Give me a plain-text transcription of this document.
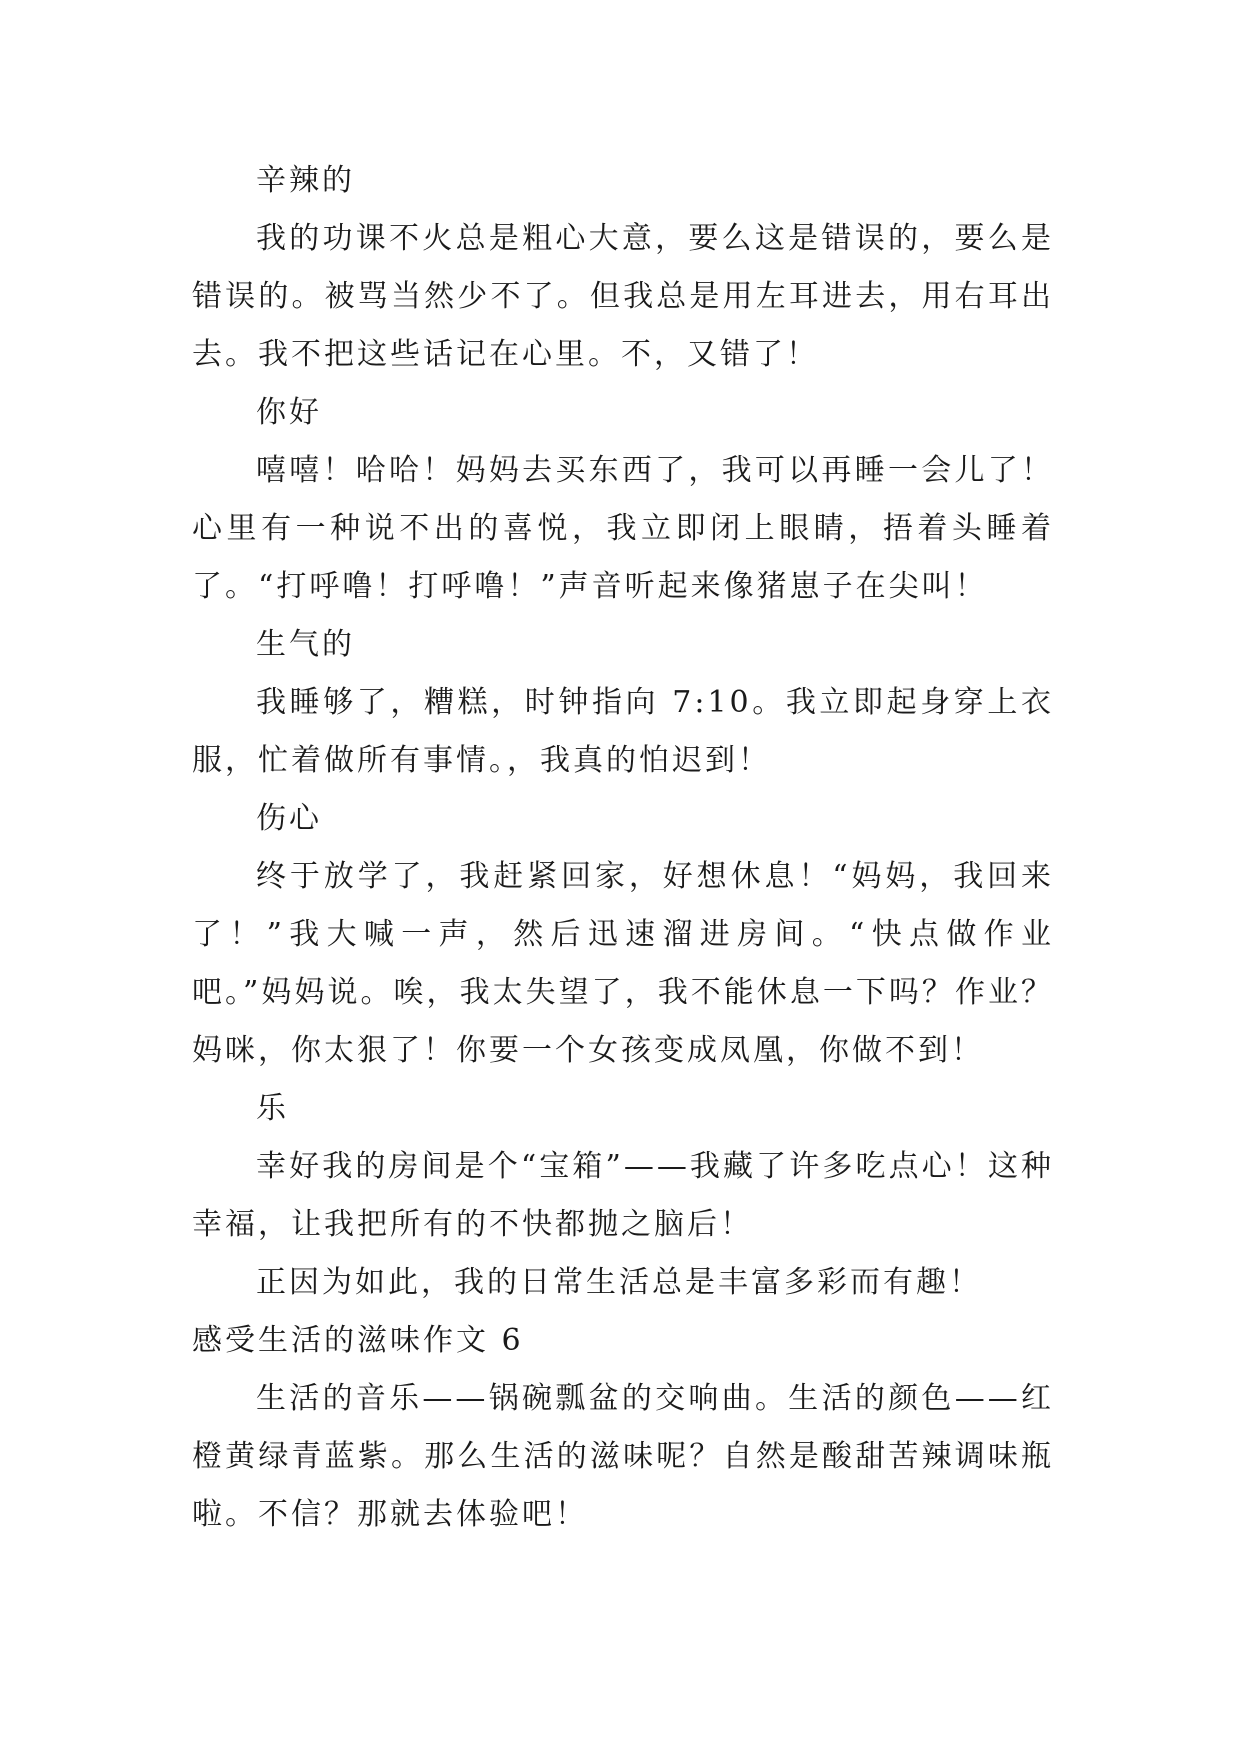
辛辣的

我的功课不火总是粗心大意，要么这是错误的，要么是错误的。被骂当然少不了。但我总是用左耳进去，用右耳出去。我不把这些话记在心里。不，又错了！

你好

嘻嘻！哈哈！妈妈去买东西了，我可以再睡一会儿了！心里有一种说不出的喜悦，我立即闭上眼睛，捂着头睡着了。“打呼噜！打呼噜！”声音听起来像猪崽子在尖叫！

生气的

我睡够了，糟糕，时钟指向 7:10。我立即起身穿上衣服，忙着做所有事情。，我真的怕迟到！

伤心

终于放学了，我赶紧回家，好想休息！“妈妈，我回来了！”我大喊一声，然后迅速溜进房间。“快点做作业吧。”妈妈说。唉，我太失望了，我不能休息一下吗？作业？妈咪，你太狠了！你要一个女孩变成凤凰，你做不到！

乐

幸好我的房间是个“宝箱”——我藏了许多吃点心！这种幸福，让我把所有的不快都抛之脑后！

正因为如此，我的日常生活总是丰富多彩而有趣！

感受生活的滋味作文 6

生活的音乐——锅碗瓢盆的交响曲。生活的颜色——红橙黄绿青蓝紫。那么生活的滋味呢？自然是酸甜苦辣调味瓶啦。不信？那就去体验吧！
